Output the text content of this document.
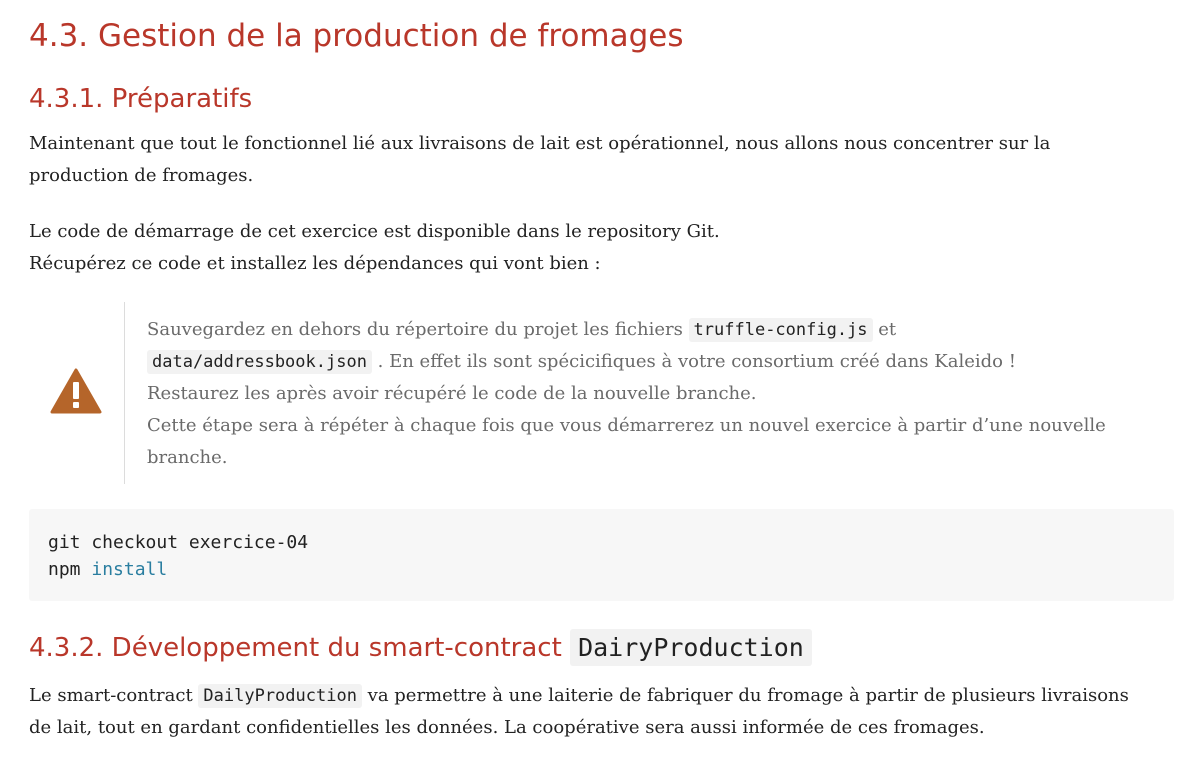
4.3. Gestion de la production de fromages
4.3.1. Préparatifs
Maintenant que tout le fonctionnel lié aux livraisons de lait est opérationnel, nous allons nous concentrer sur la
production de fromages.
Le code de démarrage de cet exercice est disponible dans le repository Git.
Récupérez ce code et installez les dépendances qui vont bien :
Sauvegardez en dehors du répertoire du projet les fichiers truffle-config.js et
data/addressbook.json . En effet ils sont spécicifiques à votre consortium créé dans Kaleido !
Restaurez les après avoir récupéré le code de la nouvelle branche.
Cette étape sera à répéter à chaque fois que vous démarrerez un nouvel exercice à partir d’une nouvelle
branche.
git checkout exercice-04
npm install
4.3.2. Développement du smart-contract DairyProduction
Le smart-contract DailyProduction va permettre à une laiterie de fabriquer du fromage à partir de plusieurs livraisons
de lait, tout en gardant confidentielles les données. La coopérative sera aussi informée de ces fromages.
